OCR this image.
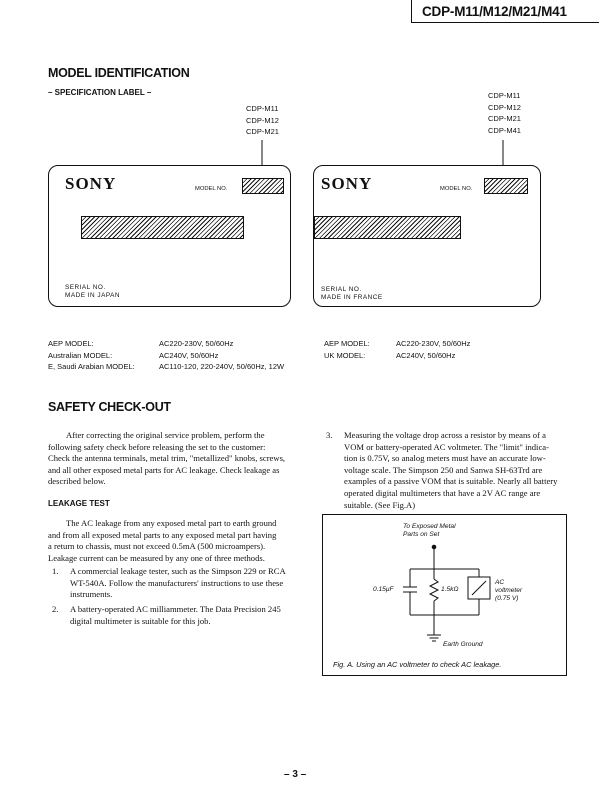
CDP-M11/M12/M21/M41
MODEL IDENTIFICATION
– SPECIFICATION LABEL –
CDP-M11
CDP-M12
CDP-M21
CDP-M11
CDP-M12
CDP-M21
CDP-M41
SONY	MODEL NO.
SERIAL NO.
MADE IN JAPAN
SONY	MODEL NO.
SERIAL NO.
MADE IN FRANCE
AEP MODEL:	AC220-230V, 50/60Hz
Australian MODEL:	AC240V, 50/60Hz
E, Saudi Arabian MODEL:	AC110-120, 220-240V, 50/60Hz, 12W
AEP MODEL:	AC220-230V, 50/60Hz
UK MODEL:	AC240V, 50/60Hz
SAFETY CHECK-OUT
After correcting the original service problem, perform the
following safety check before releasing the set to the customer:
Check the antenna terminals, metal trim, "metallized" knobs, screws,
and all other exposed metal parts for AC leakage. Check leakage as
described below.
LEAKAGE TEST
The AC leakage from any exposed metal part to earth ground
and from all exposed metal parts to any exposed metal part having
a return to chassis, must not exceed 0.5mA (500 microampers).
Leakage current can be measured by any one of three methods.
1. A commercial leakage tester, such as the Simpson 229 or RCA
WT-540A. Follow the manufacturers' instructions to use these
instruments.
2. A battery-operated AC milliammeter. The Data Precision 245
digital multimeter is suitable for this job.
3. Measuring the voltage drop across a resistor by means of a
VOM or battery-operated AC voltmeter. The "limit" indica-
tion is 0.75V, so analog meters must have an accurate low-
voltage scale. The Simpson 250 and Sanwa SH-63Trd are
examples of a passive VOM that is suitable. Nearly all battery
operated digital multimeters that have a 2V AC range are
suitable. (See Fig.A)
To Exposed Metal
Parts on Set
0.15μF	1.5kΩ
AC
voltmeter
(0.75 V)
Earth Ground
Fig. A. Using an AC voltmeter to check AC leakage.
– 3 –
